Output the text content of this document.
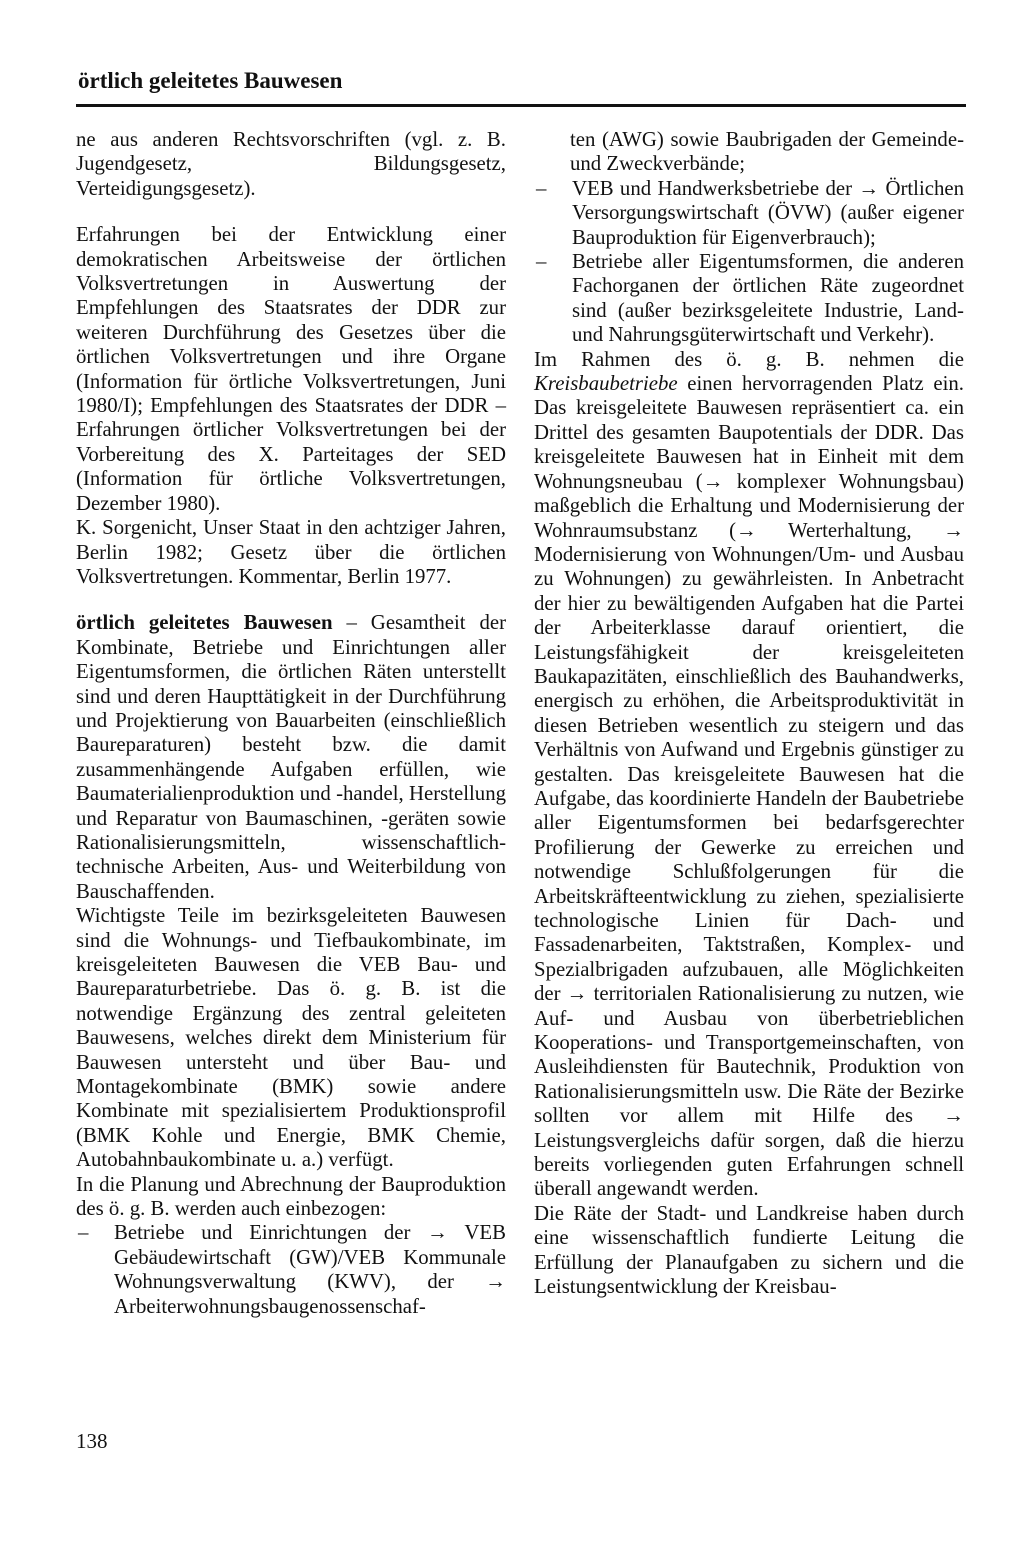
örtlich geleitetes Bauwesen

ne aus anderen Rechtsvorschriften (vgl. z. B. Jugendgesetz, Bildungsgesetz, Verteidigungsgesetz).

Erfahrungen bei der Entwicklung einer demokratischen Arbeitsweise der örtlichen Volksvertretungen in Auswertung der Empfehlungen des Staatsrates der DDR zur weiteren Durchführung des Gesetzes über die örtlichen Volksvertretungen und ihre Organe (Information für örtliche Volksvertretungen, Juni 1980/I); Empfehlungen des Staatsrates der DDR – Erfahrungen örtlicher Volksvertretungen bei der Vorbereitung des X. Parteitages der SED (Information für örtliche Volksvertretungen, Dezember 1980).

K. Sorgenicht, Unser Staat in den achtziger Jahren, Berlin 1982; Gesetz über die örtlichen Volksvertretungen. Kommentar, Berlin 1977.

örtlich geleitetes Bauwesen – Gesamtheit der Kombinate, Betriebe und Einrichtungen aller Eigentumsformen, die örtlichen Räten unterstellt sind und deren Haupttätigkeit in der Durchführung und Projektierung von Bauarbeiten (einschließlich Baureparaturen) besteht bzw. die damit zusammenhängende Aufgaben erfüllen, wie Baumaterialienproduktion und -handel, Herstellung und Reparatur von Baumaschinen, -geräten sowie Rationalisierungsmitteln, wissenschaftlich-technische Arbeiten, Aus- und Weiterbildung von Bauschaffenden.

Wichtigste Teile im bezirksgeleiteten Bauwesen sind die Wohnungs- und Tiefbaukombinate, im kreisgeleiteten Bauwesen die VEB Bau- und Baureparaturbetriebe. Das ö. g. B. ist die notwendige Ergänzung des zentral geleiteten Bauwesens, welches direkt dem Ministerium für Bauwesen untersteht und über Bau- und Montagekombinate (BMK) sowie andere Kombinate mit spezialisiertem Produktionsprofil (BMK Kohle und Energie, BMK Chemie, Autobahnbaukombinate u. a.) verfügt.

In die Planung und Abrechnung der Bauproduktion des ö. g. B. werden auch einbezogen:

–	Betriebe und Einrichtungen der → VEB Gebäudewirtschaft (GW)/VEB Kommunale Wohnungsverwaltung (KWV), der → Arbeiterwohnungsbaugenossenschaf-

ten (AWG) sowie Baubrigaden der Gemeinde- und Zweckverbände;

–	VEB und Handwerksbetriebe der → Örtlichen Versorgungswirtschaft (ÖVW) (außer eigener Bauproduktion für Eigenverbrauch);
–	Betriebe aller Eigentumsformen, die anderen Fachorganen der örtlichen Räte zugeordnet sind (außer bezirksgeleitete Industrie, Land- und Nahrungsgüterwirtschaft und Verkehr).

Im Rahmen des ö. g. B. nehmen die Kreisbaubetriebe einen hervorragenden Platz ein. Das kreisgeleitete Bauwesen repräsentiert ca. ein Drittel des gesamten Baupotentials der DDR. Das kreisgeleitete Bauwesen hat in Einheit mit dem Wohnungsneubau (→ komplexer Wohnungsbau) maßgeblich die Erhaltung und Modernisierung der Wohnraumsubstanz (→ Werterhaltung, → Modernisierung von Wohnungen/Um- und Ausbau zu Wohnungen) zu gewährleisten. In Anbetracht der hier zu bewältigenden Aufgaben hat die Partei der Arbeiterklasse darauf orientiert, die Leistungsfähigkeit der kreisgeleiteten Baukapazitäten, einschließlich des Bauhandwerks, energisch zu erhöhen, die Arbeitsproduktivität in diesen Betrieben wesentlich zu steigern und das Verhältnis von Aufwand und Ergebnis günstiger zu gestalten. Das kreisgeleitete Bauwesen hat die Aufgabe, das koordinierte Handeln der Baubetriebe aller Eigentumsformen bei bedarfsgerechter Profilierung der Gewerke zu erreichen und notwendige Schlußfolgerungen für die Arbeitskräfteentwicklung zu ziehen, spezialisierte technologische Linien für Dach- und Fassadenarbeiten, Taktstraßen, Komplex- und Spezialbrigaden aufzubauen, alle Möglichkeiten der → territorialen Rationalisierung zu nutzen, wie Auf- und Ausbau von überbetrieblichen Kooperations- und Transportgemeinschaften, von Ausleihdiensten für Bautechnik, Produktion von Rationalisierungsmitteln usw. Die Räte der Bezirke sollten vor allem mit Hilfe des → Leistungsvergleichs dafür sorgen, daß die hierzu bereits vorliegenden guten Erfahrungen schnell überall angewandt werden.

Die Räte der Stadt- und Landkreise haben durch eine wissenschaftlich fundierte Leitung die Erfüllung der Planaufgaben zu sichern und die Leistungsentwicklung der Kreisbau-

138
